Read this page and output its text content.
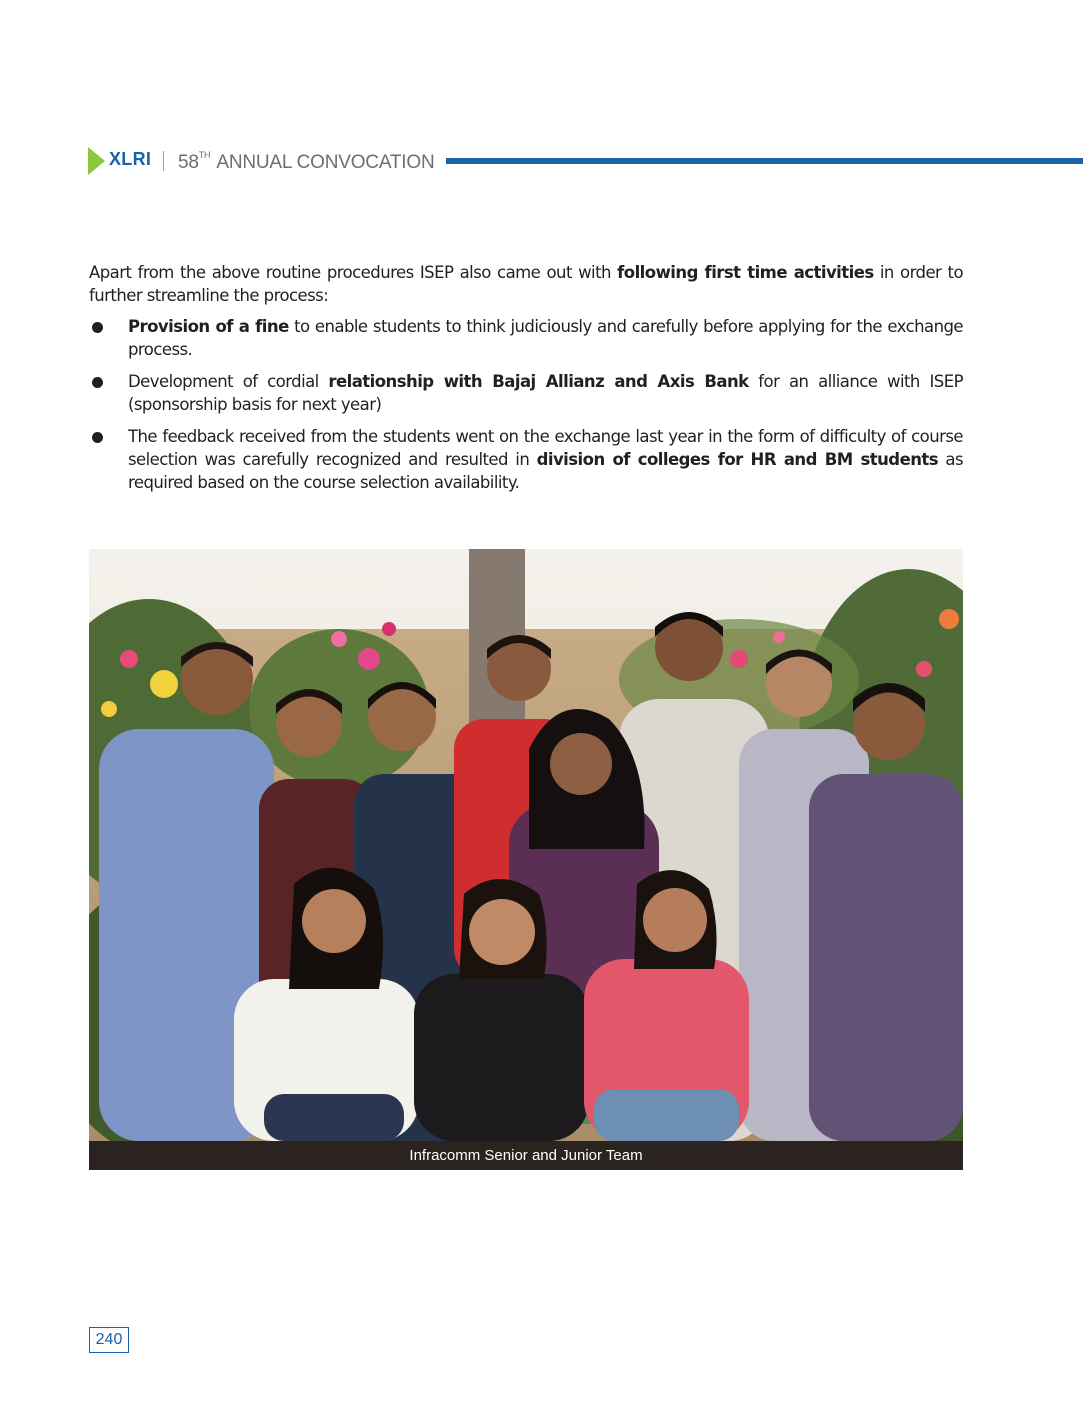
XLRI 58TH ANNUAL CONVOCATION

Apart from the above routine procedures ISEP also came out with following first time activities in order to further streamline the process:

Provision of a fine to enable students to think judiciously and carefully before applying for the exchange process.
Development of cordial relationship with Bajaj Allianz and Axis Bank for an alliance with ISEP (sponsorship basis for next year)
The feedback received from the students went on the exchange last year in the form of difficulty of course selection was carefully recognized and resulted in division of colleges for HR and BM students as required based on the course selection availability.
Infracomm Senior and Junior Team
240
